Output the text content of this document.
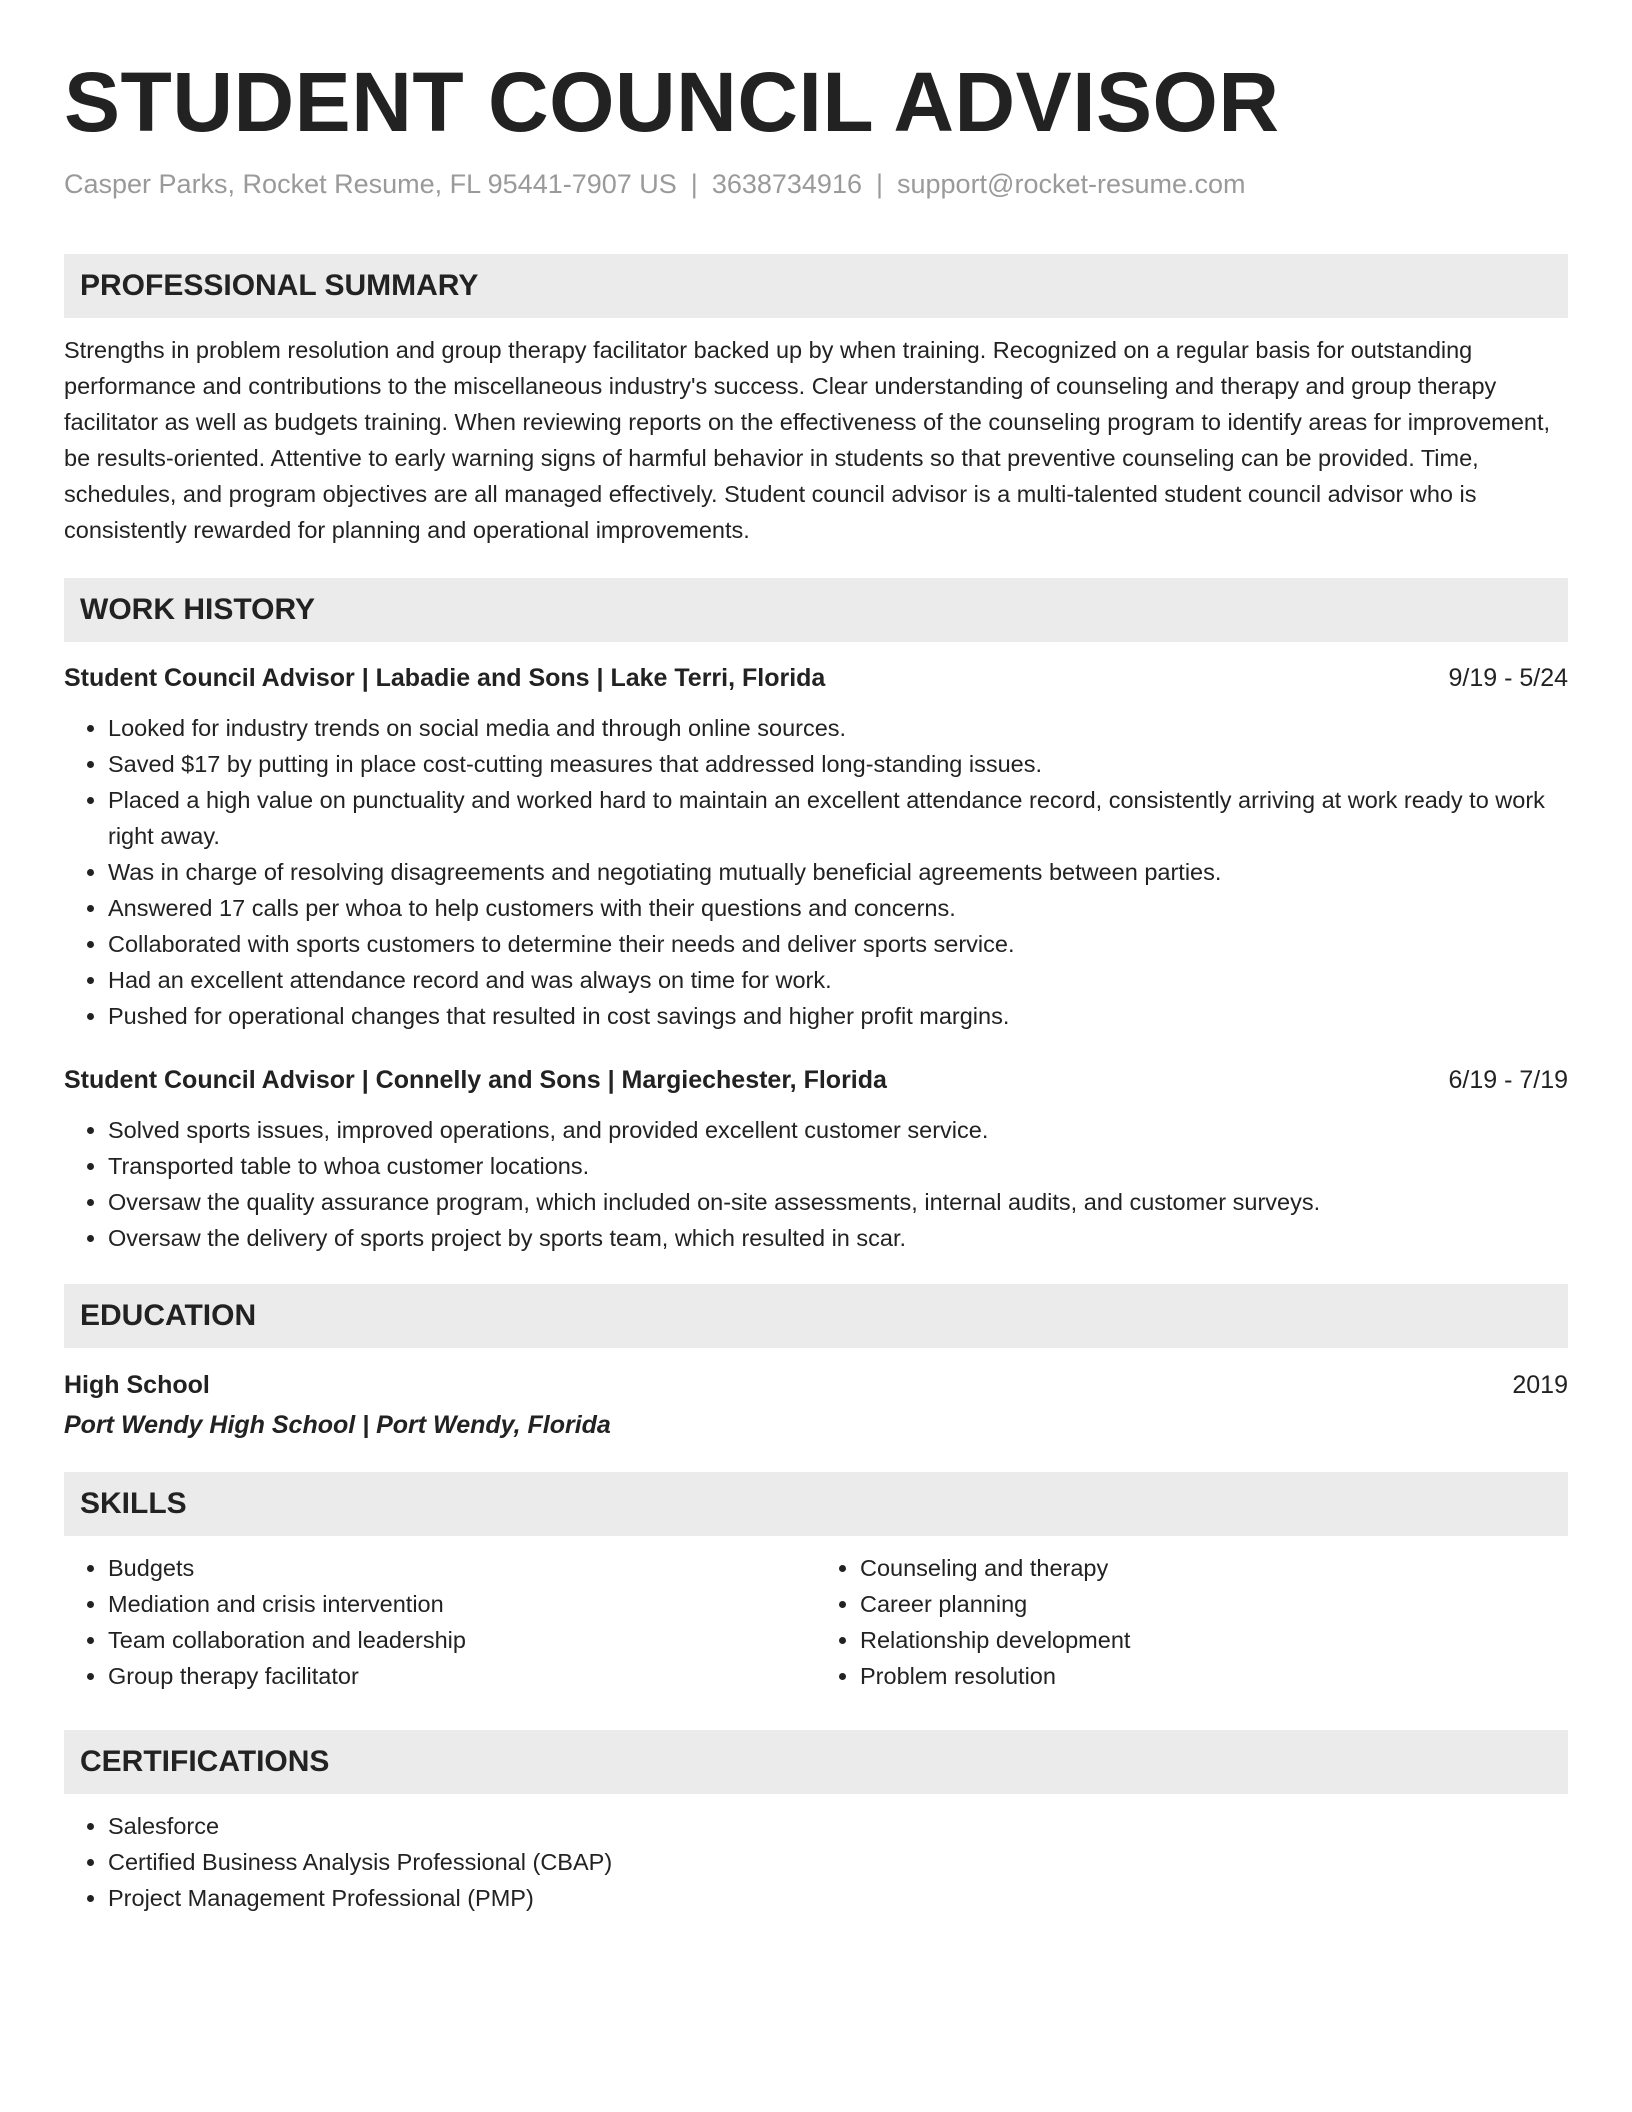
STUDENT COUNCIL ADVISOR
Casper Parks, Rocket Resume, FL 95441-7907 US | 3638734916 | support@rocket-resume.com
PROFESSIONAL SUMMARY

Strengths in problem resolution and group therapy facilitator backed up by when training. Recognized on a regular basis for outstanding performance and contributions to the miscellaneous industry's success. Clear understanding of counseling and therapy and group therapy facilitator as well as budgets training. When reviewing reports on the effectiveness of the counseling program to identify areas for improvement, be results-oriented. Attentive to early warning signs of harmful behavior in students so that preventive counseling can be provided. Time, schedules, and program objectives are all managed effectively. Student council advisor is a multi-talented student council advisor who is consistently rewarded for planning and operational improvements.

WORK HISTORY
Student Council Advisor | Labadie and Sons | Lake Terri, Florida	9/19 - 5/24
• Looked for industry trends on social media and through online sources.
• Saved $17 by putting in place cost-cutting measures that addressed long-standing issues.
• Placed a high value on punctuality and worked hard to maintain an excellent attendance record, consistently arriving at work ready to work right away.
• Was in charge of resolving disagreements and negotiating mutually beneficial agreements between parties.
• Answered 17 calls per whoa to help customers with their questions and concerns.
• Collaborated with sports customers to determine their needs and deliver sports service.
• Had an excellent attendance record and was always on time for work.
• Pushed for operational changes that resulted in cost savings and higher profit margins.
Student Council Advisor | Connelly and Sons | Margiechester, Florida	6/19 - 7/19
• Solved sports issues, improved operations, and provided excellent customer service.
• Transported table to whoa customer locations.
• Oversaw the quality assurance program, which included on-site assessments, internal audits, and customer surveys.
• Oversaw the delivery of sports project by sports team, which resulted in scar.
EDUCATION
High School	2019
Port Wendy High School | Port Wendy, Florida
SKILLS
• Budgets
• Mediation and crisis intervention
• Team collaboration and leadership
• Group therapy facilitator
• Counseling and therapy
• Career planning
• Relationship development
• Problem resolution
CERTIFICATIONS
• Salesforce
• Certified Business Analysis Professional (CBAP)
• Project Management Professional (PMP)
